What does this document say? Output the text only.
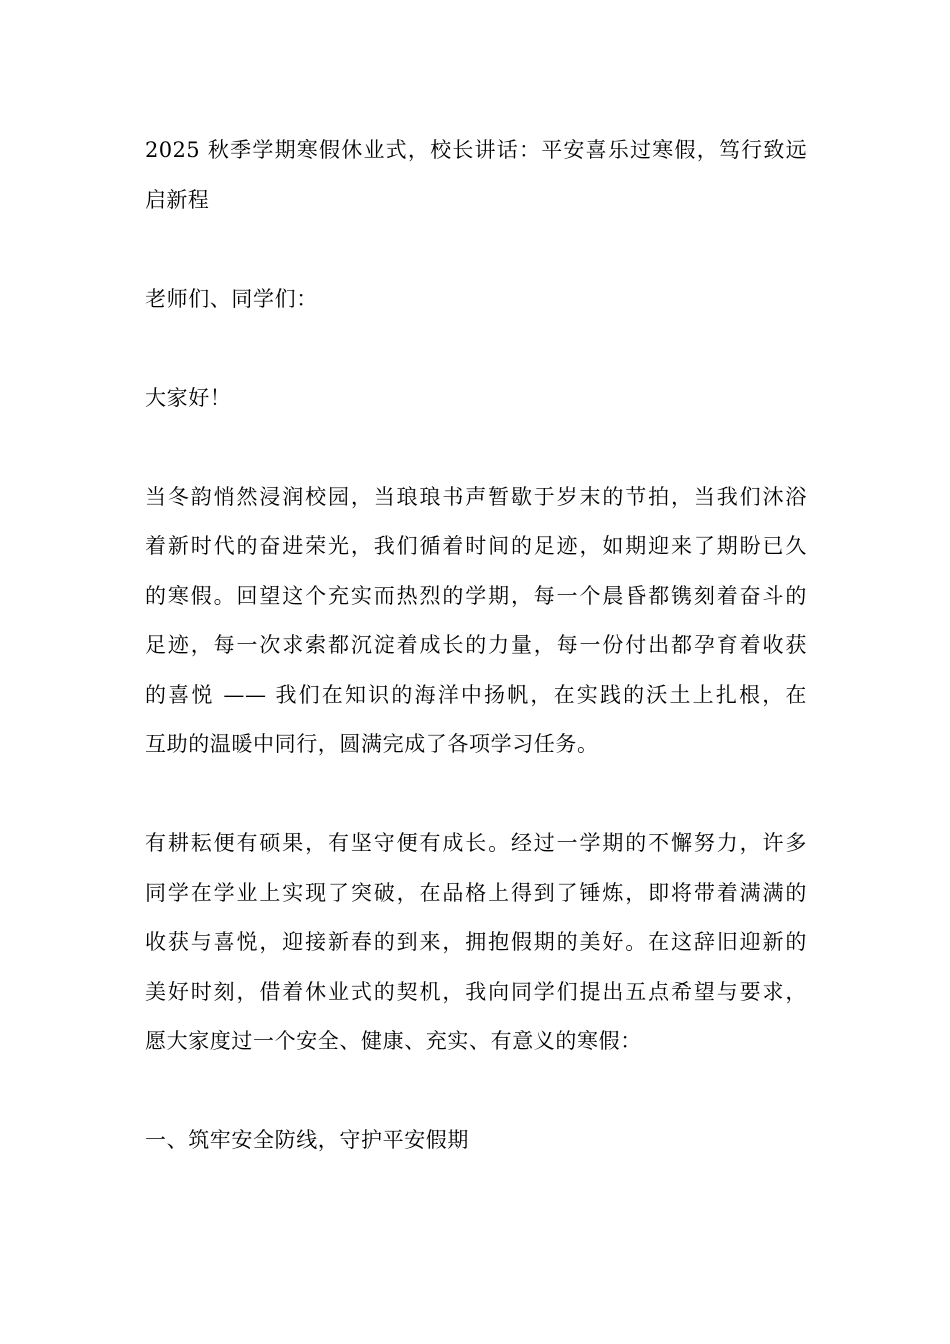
2025 秋季学期寒假休业式，校长讲话：平安喜乐过寒假，笃行致远
启新程
老师们、同学们：
大家好！
当冬韵悄然浸润校园，当琅琅书声暂歇于岁末的节拍，当我们沐浴
着新时代的奋进荣光，我们循着时间的足迹，如期迎来了期盼已久
的寒假。回望这个充实而热烈的学期，每一个晨昏都镌刻着奋斗的
足迹，每一次求索都沉淀着成长的力量，每一份付出都孕育着收获
的喜悦 —— 我们在知识的海洋中扬帆，在实践的沃土上扎根，在
互助的温暖中同行，圆满完成了各项学习任务。
有耕耘便有硕果，有坚守便有成长。经过一学期的不懈努力，许多
同学在学业上实现了突破，在品格上得到了锤炼，即将带着满满的
收获与喜悦，迎接新春的到来，拥抱假期的美好。在这辞旧迎新的
美好时刻，借着休业式的契机，我向同学们提出五点希望与要求，
愿大家度过一个安全、健康、充实、有意义的寒假：
一、筑牢安全防线，守护平安假期
